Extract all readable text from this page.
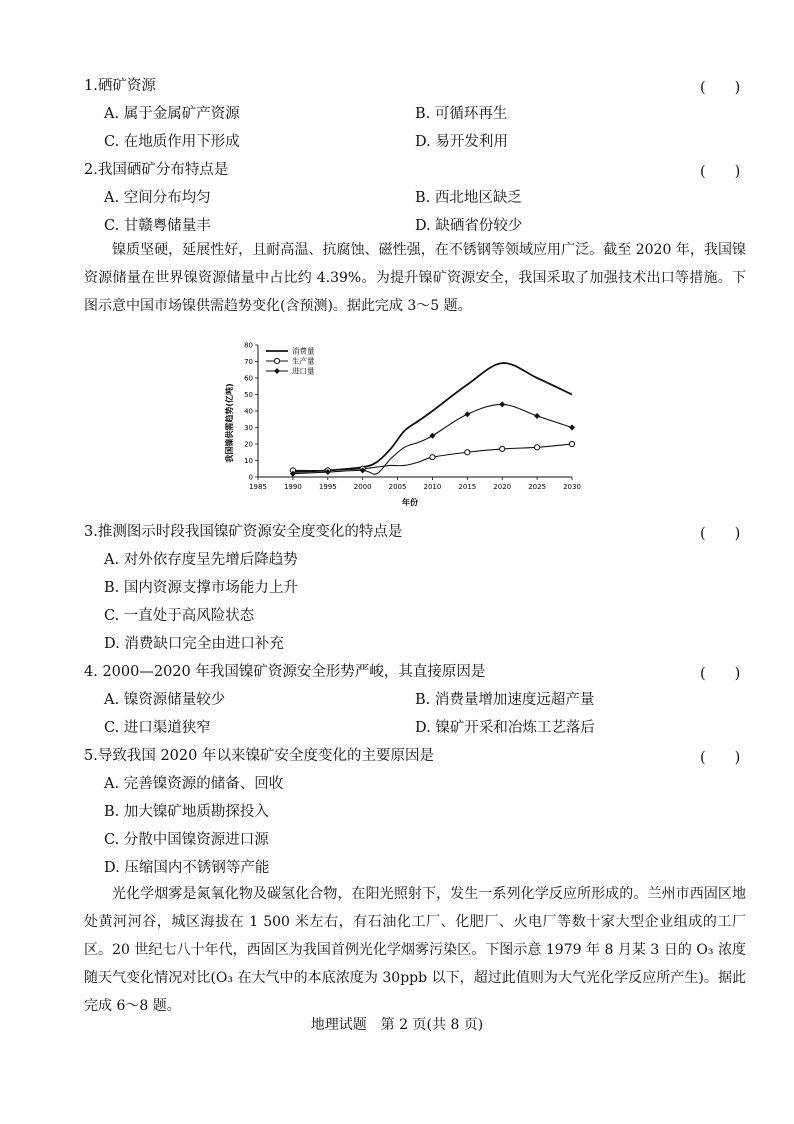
1.硒矿资源	(　　)
A. 属于金属矿产资源	B. 可循环再生
C. 在地质作用下形成	D. 易开发利用
2.我国硒矿分布特点是	(　　)
A. 空间分布均匀	B. 西北地区缺乏
C. 甘赣粤储量丰	D. 缺硒省份较少
镍质坚硬，延展性好，且耐高温、抗腐蚀、磁性强，在不锈钢等领域应用广泛。截至 2020 年，我国镍资源储量在世界镍资源储量中占比约 4.39%。为提升镍矿资源安全，我国采取了加强技术出口等措施。下图示意中国市场镍供需趋势变化(含预测)。据此完成 3～5 题。
1985 1990 1995 2000 2005 2010 2015 2020 2025 2030
0
10
20
30
40
50
60
70
80
消费量
生产量
进口量
我国镍供需趋势(亿吨)
年份
3.推测图示时段我国镍矿资源安全度变化的特点是	(　　)
A. 对外依存度呈先增后降趋势
B. 国内资源支撑市场能力上升
C. 一直处于高风险状态
D. 消费缺口完全由进口补充
4. 2000—2020 年我国镍矿资源安全形势严峻，其直接原因是	(　　)
A. 镍资源储量较少	B. 消费量增加速度远超产量
C. 进口渠道狭窄	D. 镍矿开采和冶炼工艺落后
5.导致我国 2020 年以来镍矿安全度变化的主要原因是	(　　)
A. 完善镍资源的储备、回收
B. 加大镍矿地质勘探投入
C. 分散中国镍资源进口源
D. 压缩国内不锈钢等产能
光化学烟雾是氮氧化物及碳氢化合物，在阳光照射下，发生一系列化学反应所形成的。兰州市西固区地处黄河河谷，城区海拔在 1 500 米左右，有石油化工厂、化肥厂、火电厂等数十家大型企业组成的工厂区。20 世纪七八十年代，西固区为我国首例光化学烟雾污染区。下图示意 1979 年 8 月某 3 日的 O₃ 浓度随天气变化情况对比(O₃ 在大气中的本底浓度为 30ppb 以下，超过此值则为大气光化学反应所产生)。据此完成 6～8 题。
地理试题　第 2 页(共 8 页)
